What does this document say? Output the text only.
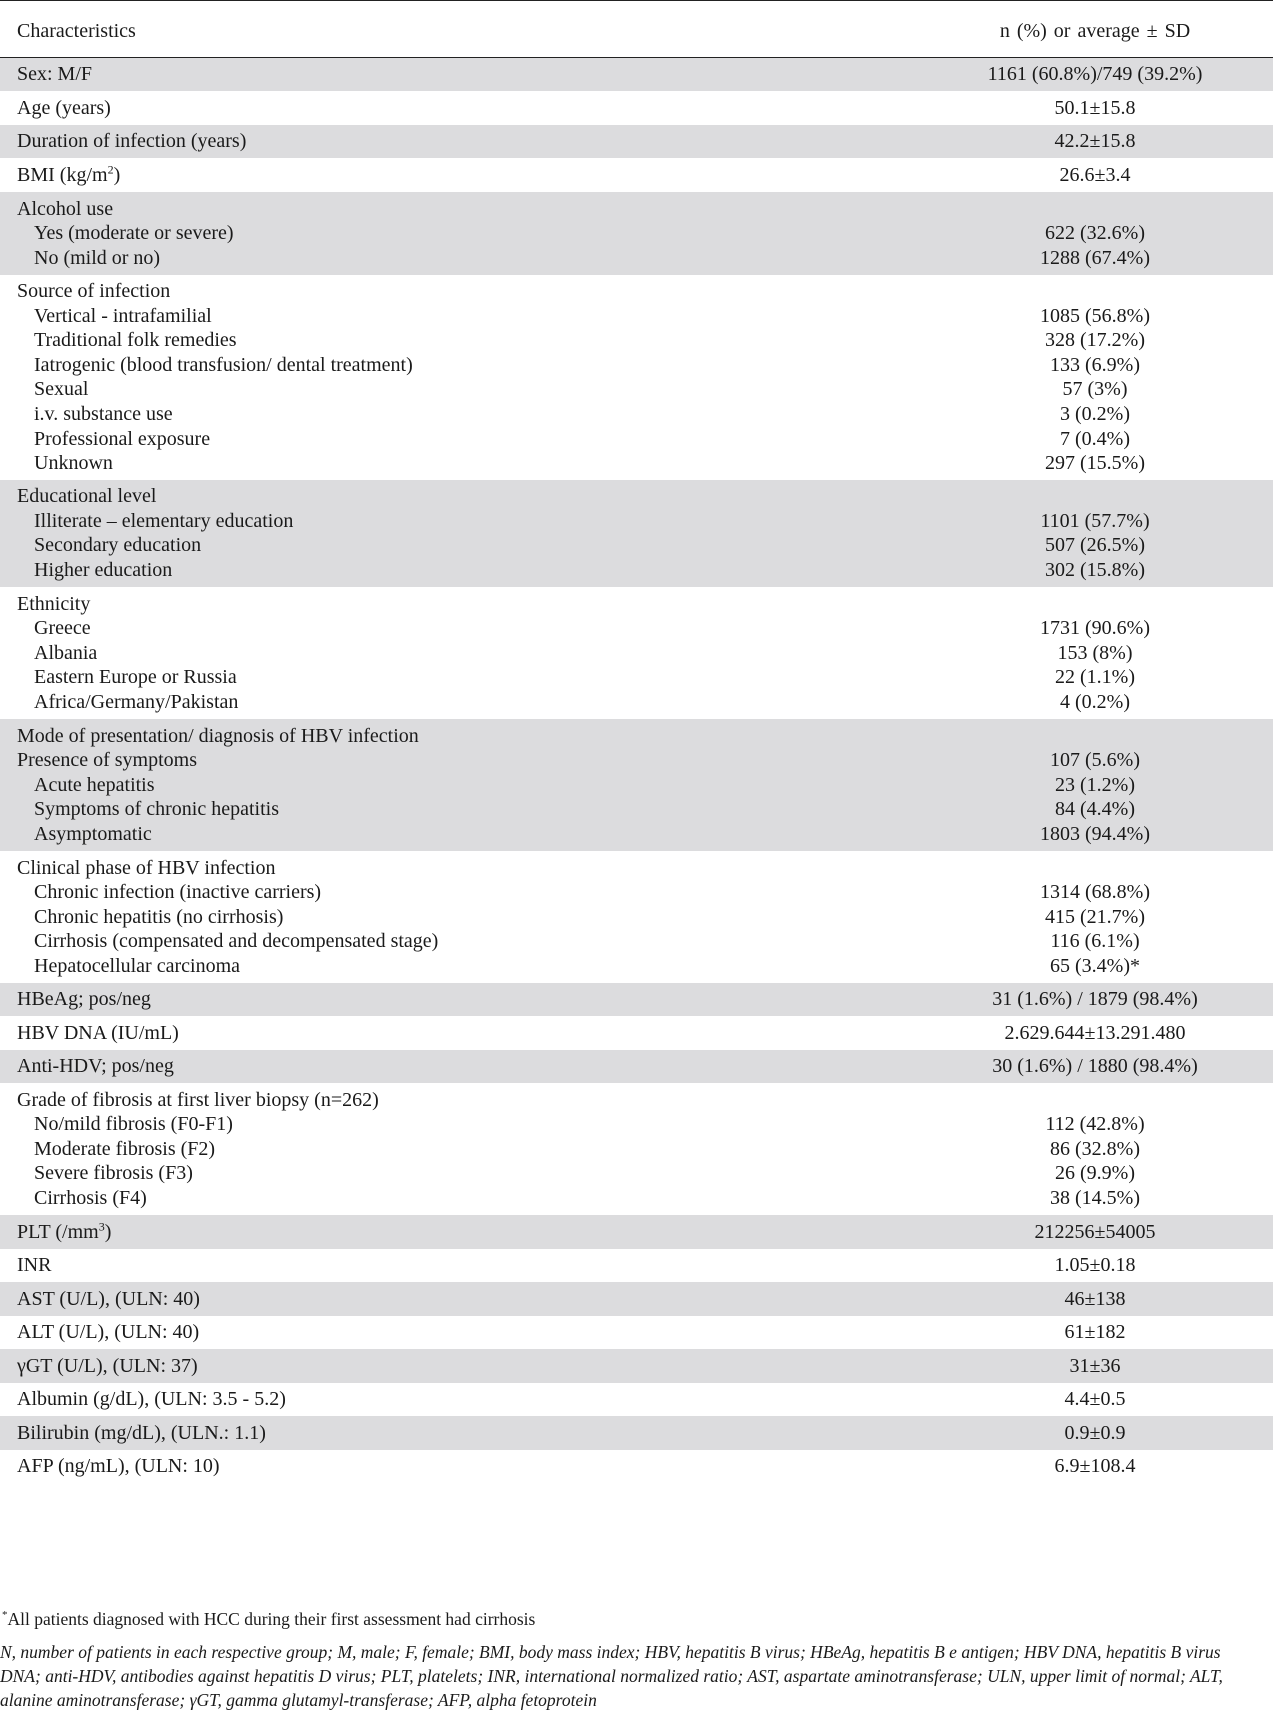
Characteristics	n (%) or average ± SD
Sex: M/F	1161 (60.8%)/749 (39.2%)
Age (years)	50.1±15.8
Duration of infection (years)	42.2±15.8
BMI $(kg/m^2)$	26.6±3.4
Alcohol use
Yes (moderate or severe)	622 (32.6%)
No (mild or no)	1288 (67.4%)
Source of infection
Vertical - intrafamilial	1085 (56.8%)
Traditional folk remedies	328 (17.2%)
Iatrogenic (blood transfusion/ dental treatment)	133 (6.9%)
Sexual	57 (3%)
i.v. substance use	3 (0.2%)
Professional exposure	7 (0.4%)
Unknown	297 (15.5%)
Educational level
Illiterate – elementary education	1101 (57.7%)
Secondary education	507 (26.5%)
Higher education	302 (15.8%)
Ethnicity
Greece	1731 (90.6%)
Albania	153 (8%)
Eastern Europe or Russia	22 (1.1%)
Africa/Germany/Pakistan	4 (0.2%)
Mode of presentation/ diagnosis of HBV infection
Presence of symptoms	107 (5.6%)
Acute hepatitis	23 (1.2%)
Symptoms of chronic hepatitis	84 (4.4%)
Asymptomatic	1803 (94.4%)
Clinical phase of HBV infection
Chronic infection (inactive carriers)	1314 (68.8%)
Chronic hepatitis (no cirrhosis)	415 (21.7%)
Cirrhosis (compensated and decompensated stage)	116 (6.1%)
Hepatocellular carcinoma	65 (3.4%)*
HBeAg; pos/neg	31 (1.6%) / 1879 (98.4%)
HBV DNA (IU/mL)	2.629.644±13.291.480
Anti-HDV; pos/neg	30 (1.6%) / 1880 (98.4%)
Grade of fibrosis at first liver biopsy (n=262)
No/mild fibrosis (F0-F1)	112 (42.8%)
Moderate fibrosis (F2)	86 (32.8%)
Severe fibrosis (F3)	26 (9.9%)
Cirrhosis (F4)	38 (14.5%)
PLT $(/mm^3)$	212256±54005
INR	1.05±0.18
AST (U/L), (ULN: 40)	46±138
ALT (U/L), (ULN: 40)	61±182
γGT (U/L), (ULN: 37)	31±36
Albumin (g/dL), (ULN: 3.5 - 5.2)	4.4±0.5
Bilirubin (mg/dL), (ULN.: 1.1)	0.9±0.9
AFP (ng/mL), (ULN: 10)	6.9±108.4
*All patients diagnosed with HCC during their first assessment had cirrhosis
N, number of patients in each respective group; M, male; F, female; BMI, body mass index; HBV, hepatitis B virus; HBeAg, hepatitis B e antigen; HBV DNA, hepatitis B virus DNA; anti-HDV, antibodies against hepatitis D virus; PLT, platelets; INR, international normalized ratio; AST, aspartate aminotransferase; ULN, upper limit of normal; ALT, alanine aminotransferase; γGT, gamma glutamyl-transferase; AFP, alpha fetoprotein
